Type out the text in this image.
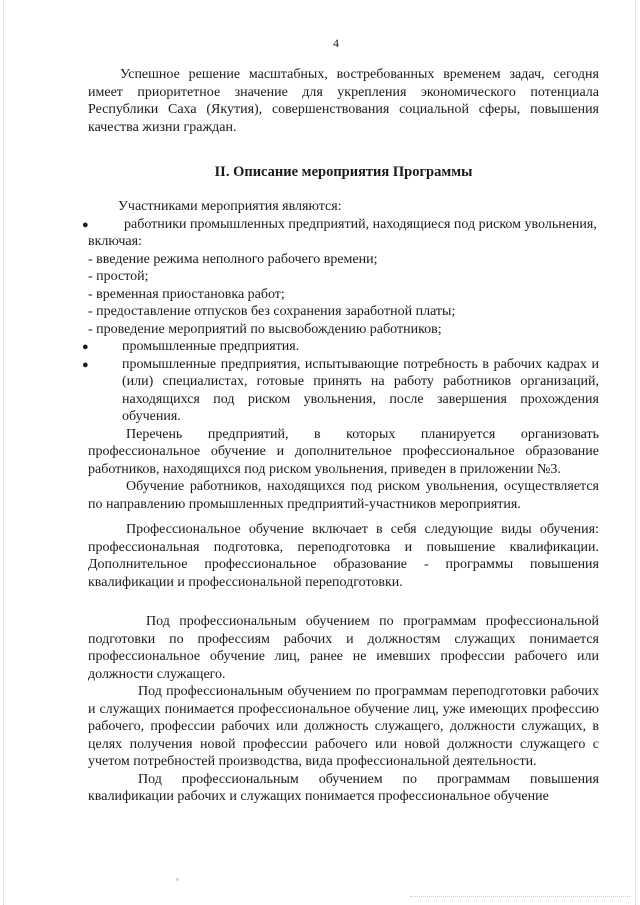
4

Успешное решение масштабных, востребованных временем задач, сегодня имеет приоритетное значение для укрепления экономического потенциала Республики Саха (Якутия), совершенствования социальной сферы, повышения качества жизни граждан.

II. Описание мероприятия Программы

Участниками мероприятия являются:

●	работники промышленных предприятий, находящиеся под риском увольнения, включая:

- введение режима неполного рабочего времени;

- простой;

- временная приостановка работ;

- предоставление отпусков без сохранения заработной платы;

- проведение мероприятий по высвобождению работников;

● промышленные предприятия.

● промышленные предприятия, испытывающие потребность в рабочих кадрах и (или) специалистах, готовые принять на работу работников организаций, находящихся под риском увольнения, после завершения прохождения обучения.

Перечень предприятий, в которых планируется организовать профессиональное обучение и дополнительное профессиональное образование работников, находящихся под риском увольнения, приведен в приложении №3.

Обучение работников, находящихся под риском увольнения, осуществляется по направлению промышленных предприятий-участников мероприятия.

Профессиональное обучение включает в себя следующие виды обучения: профессиональная подготовка, переподготовка и повышение квалификации. Дополнительное профессиональное образование - программы повышения квалификации и профессиональной переподготовки.

Под профессиональным обучением по программам профессиональной подготовки по профессиям рабочих и должностям служащих понимается профессиональное обучение лиц, ранее не имевших профессии рабочего или должности служащего.

Под профессиональным обучением по программам переподготовки рабочих и служащих понимается профессиональное обучение лиц, уже имеющих профессию рабочего, профессии рабочих или должность служащего, должности служащих, в целях получения новой профессии рабочего или новой должности служащего с учетом потребностей производства, вида профессиональной деятельности.

Под профессиональным обучением по программам повышения квалификации рабочих и служащих понимается профессиональное обучение
